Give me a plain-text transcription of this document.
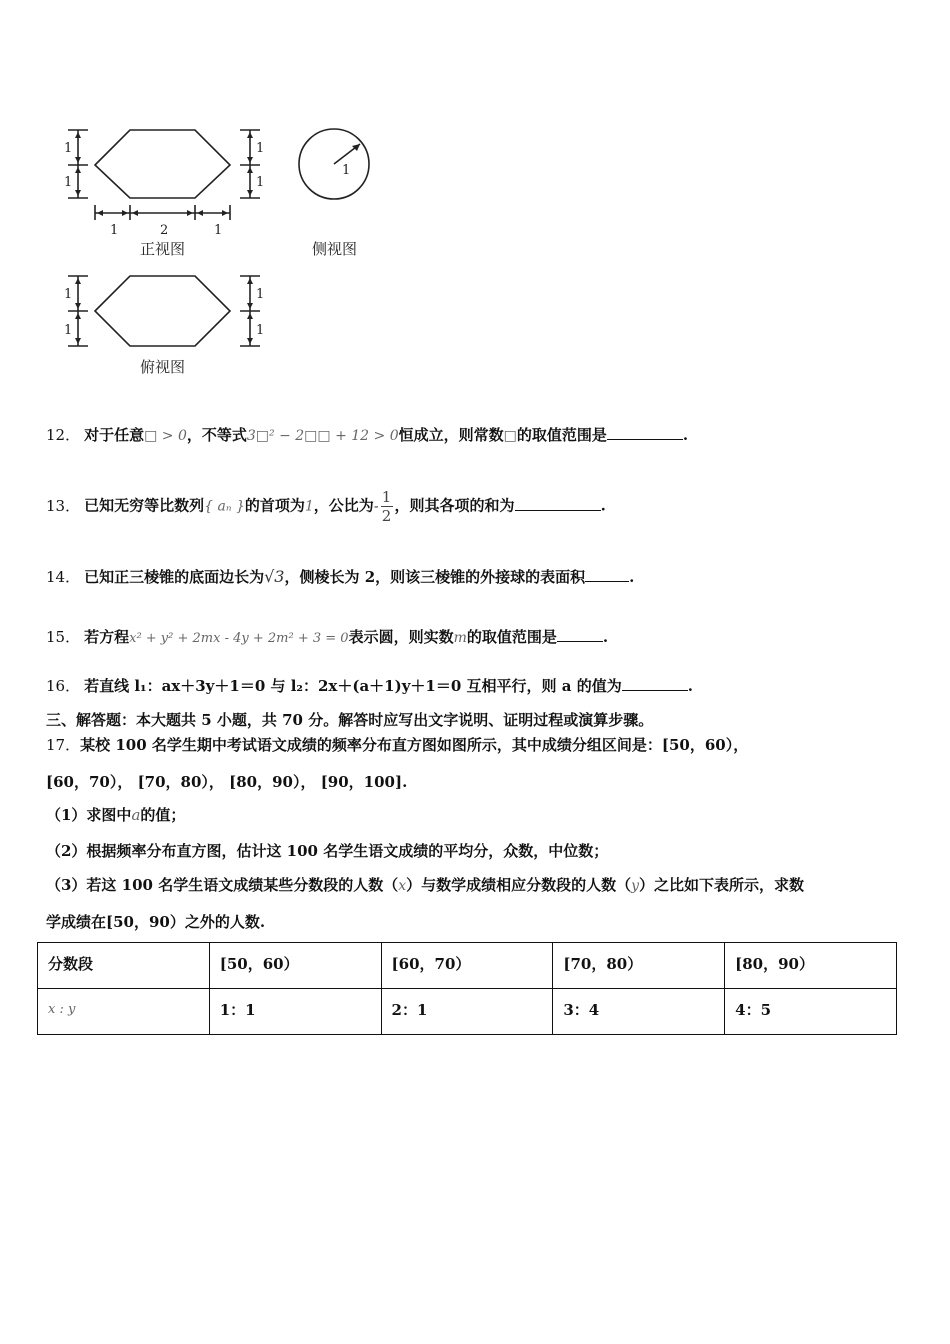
1
1
1
1
1	2	1
1
1
1
1
1
正视图	侧视图
俯视图
12． 对于任意□ > 0，不等式3□² − 2□□ + 12 > 0恒成立，则常数□的取值范围是	.
13． 已知无穷等比数列{ aₙ }的首项为1，公比为- $\frac{1}{2}$ ，则其各项的和为	.
14． 已知正三棱锥的底面边长为√3，侧棱长为 2，则该三棱锥的外接球的表面积	.
15． 若方程x² + y² + 2mx - 4y + 2m² + 3 = 0表示圆，则实数m的取值范围是	.
16． 若直线 l₁：ax＋3y＋1＝0 与 l₂：2x＋(a＋1)y＋1＝0 互相平行，则 a 的值为	.
三、解答题：本大题共 5 小题，共 70 分。解答时应写出文字说明、证明过程或演算步骤。
17．某校 100 名学生期中考试语文成绩的频率分布直方图如图所示，其中成绩分组区间是：[50，60），
[60，70）， [70，80）， [80，90）， [90，100].
（1）求图中a的值；
（2）根据频率分布直方图，估计这 100 名学生语文成绩的平均分，众数，中位数；
（3）若这 100 名学生语文成绩某些分数段的人数（x）与数学成绩相应分数段的人数（y）之比如下表所示，求数
学成绩在[50，90）之外的人数.
分数段	[50，60）	[60，70）	[70，80）	[80，90）
x : y	1：1	2：1	3：4	4：5
